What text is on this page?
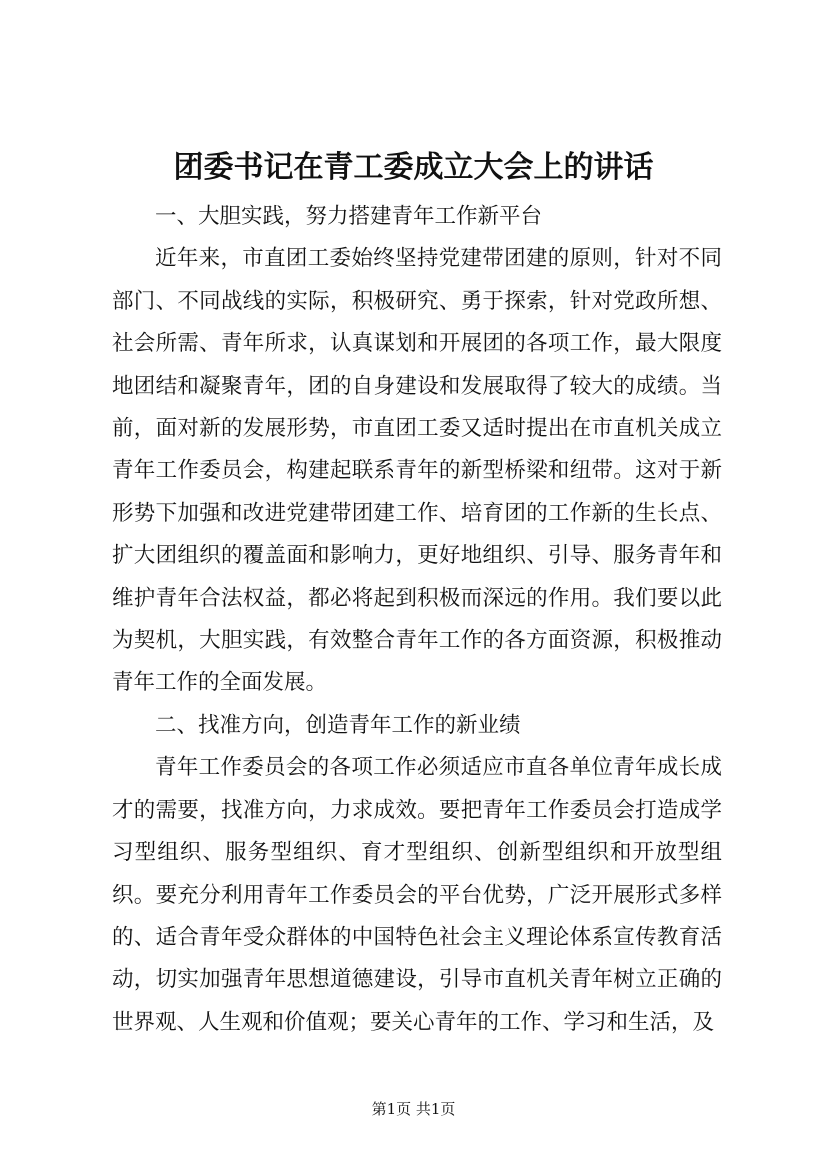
团委书记在青工委成立大会上的讲话

一、大胆实践，努力搭建青年工作新平台

近年来，市直团工委始终坚持党建带团建的原则，针对不同部门、不同战线的实际，积极研究、勇于探索，针对党政所想、社会所需、青年所求，认真谋划和开展团的各项工作，最大限度地团结和凝聚青年，团的自身建设和发展取得了较大的成绩。当前，面对新的发展形势，市直团工委又适时提出在市直机关成立青年工作委员会，构建起联系青年的新型桥梁和纽带。这对于新形势下加强和改进党建带团建工作、培育团的工作新的生长点、扩大团组织的覆盖面和影响力，更好地组织、引导、服务青年和维护青年合法权益，都必将起到积极而深远的作用。我们要以此为契机，大胆实践，有效整合青年工作的各方面资源，积极推动青年工作的全面发展。

二、找准方向，创造青年工作的新业绩

青年工作委员会的各项工作必须适应市直各单位青年成长成才的需要，找准方向，力求成效。要把青年工作委员会打造成学习型组织、服务型组织、育才型组织、创新型组织和开放型组织。要充分利用青年工作委员会的平台优势，广泛开展形式多样的、适合青年受众群体的中国特色社会主义理论体系宣传教育活动，切实加强青年思想道德建设，引导市直机关青年树立正确的世界观、人生观和价值观；要关心青年的工作、学习和生活，及

第1页 共1页
